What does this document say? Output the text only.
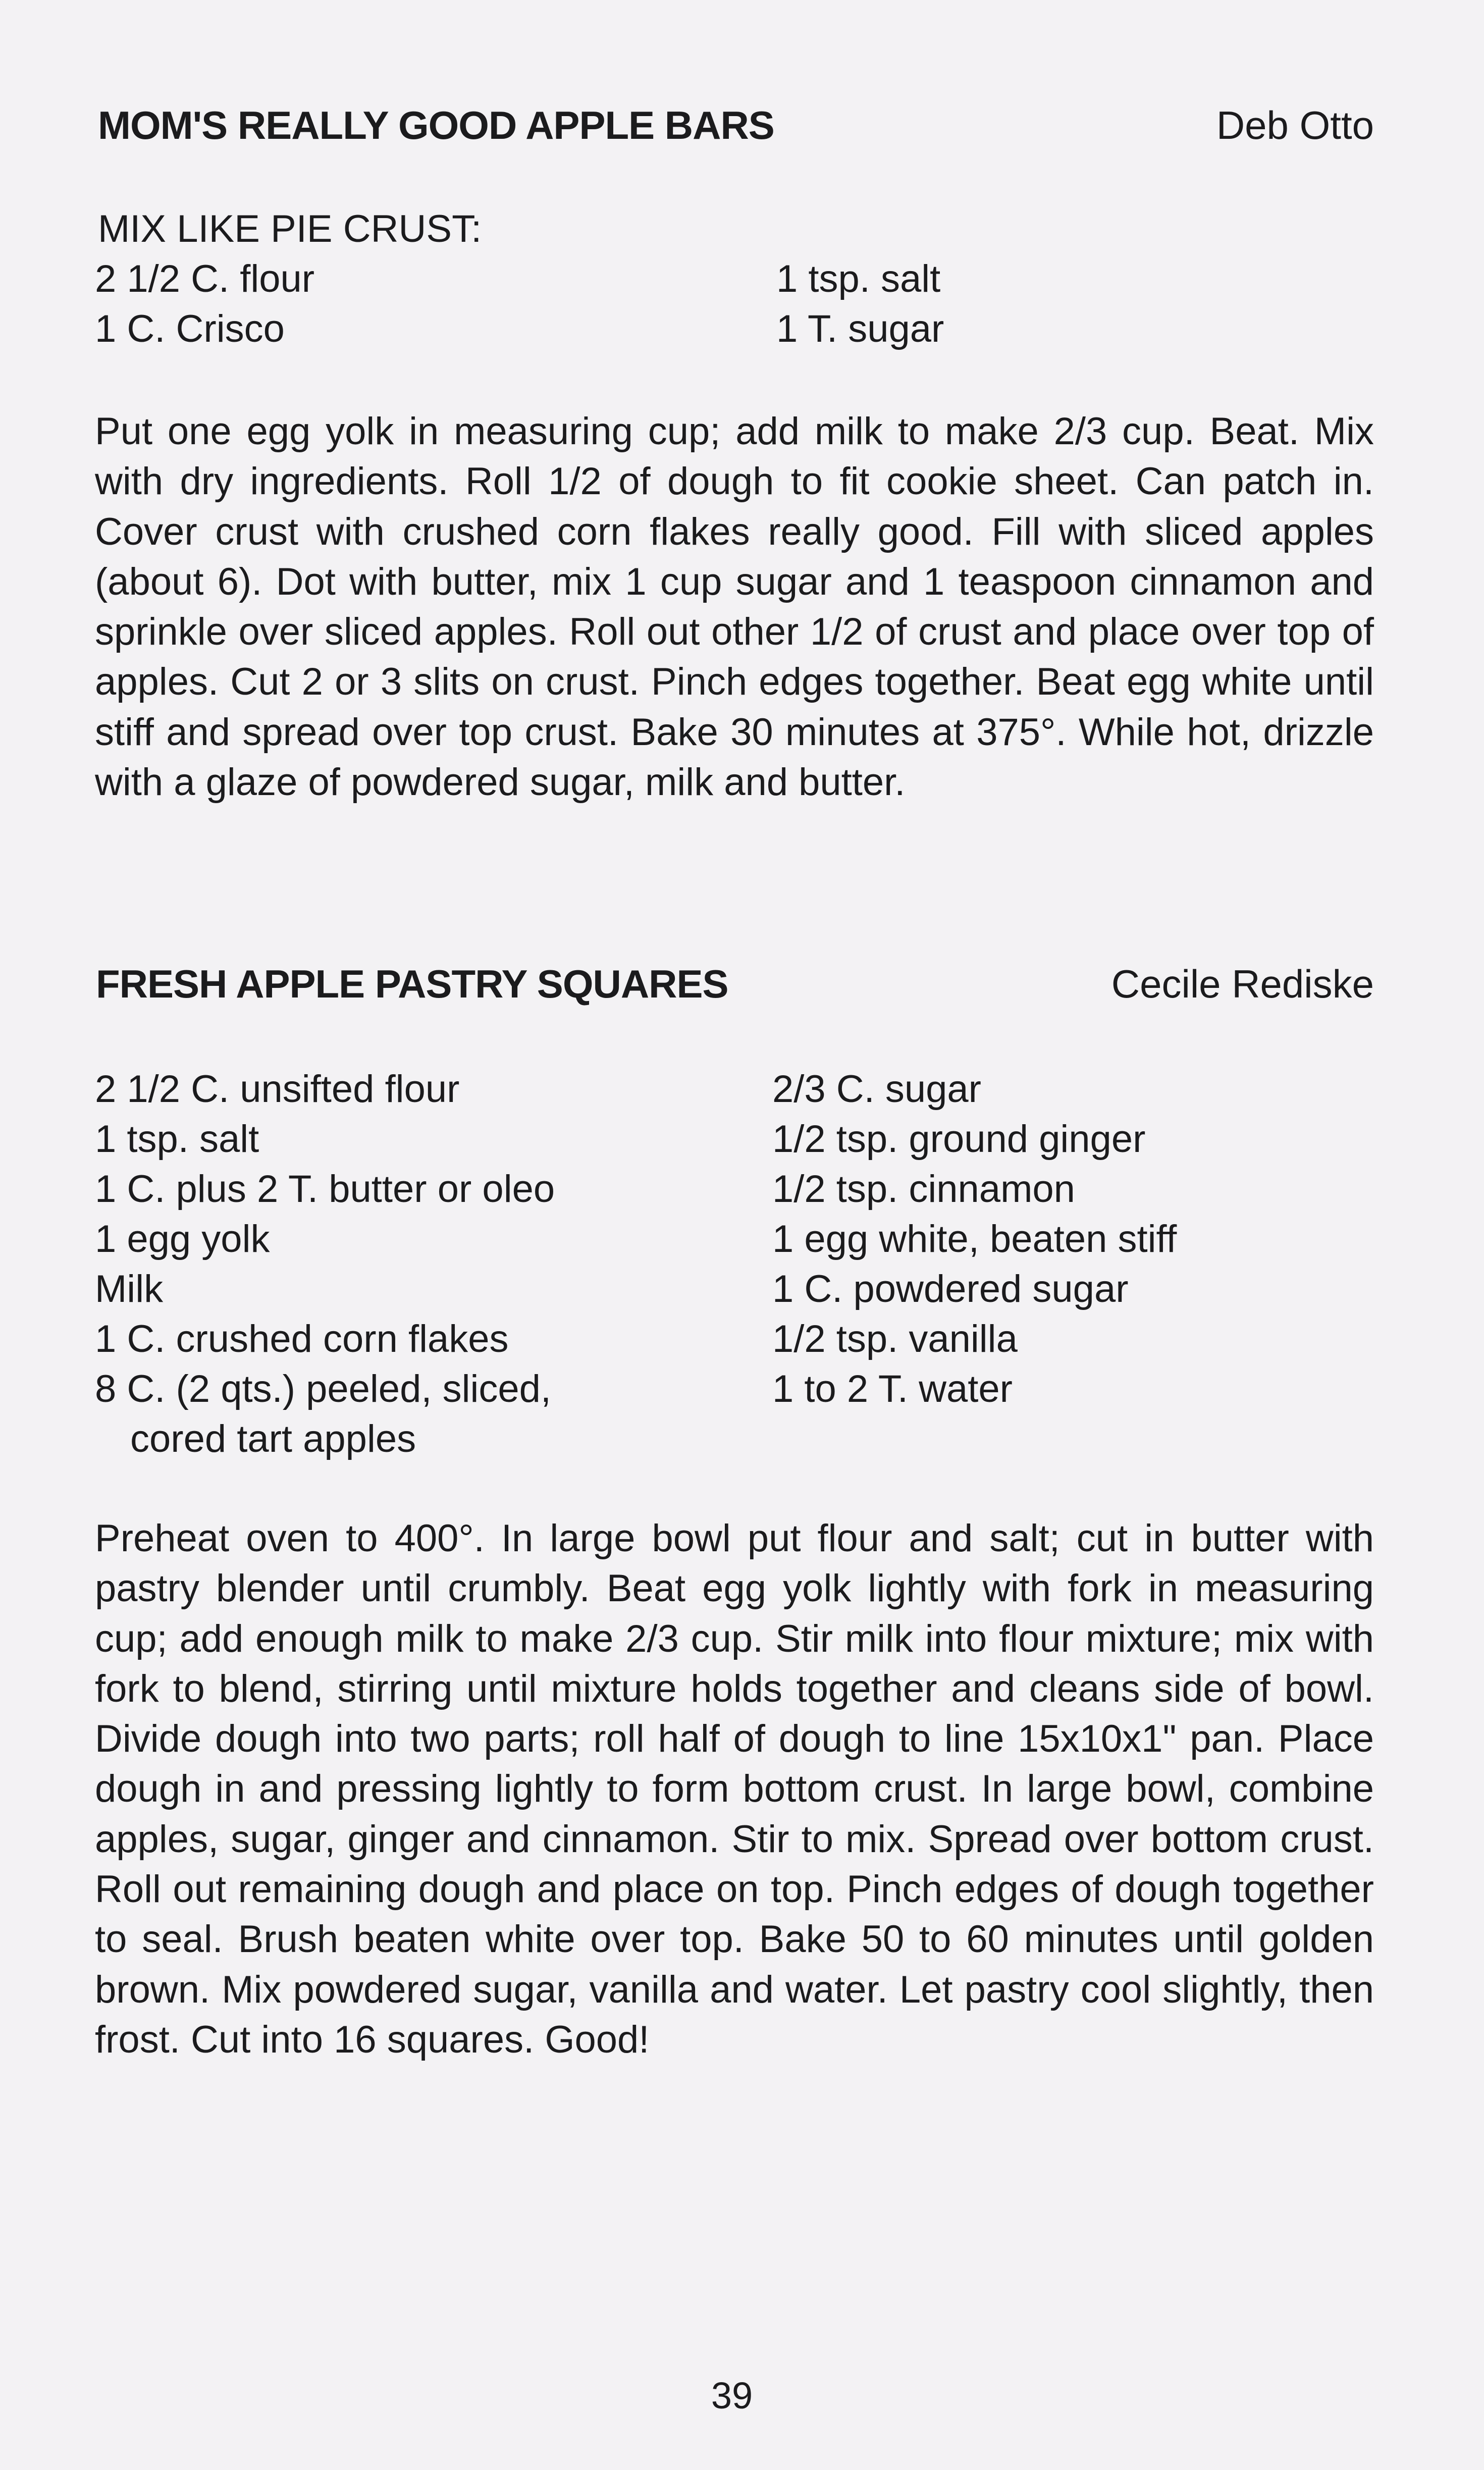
MOM'S REALLY GOOD APPLE BARS	Deb Otto
MIX LIKE PIE CRUST:
2 1/2 C. flour
1 C. Crisco
1 tsp. salt
1 T. sugar

Put one egg yolk in measuring cup; add milk to make 2/3 cup. Beat. Mix with dry ingredients. Roll 1/2 of dough to fit cookie sheet. Can patch in. Cover crust with crushed corn flakes really good. Fill with sliced apples (about 6). Dot with butter, mix 1 cup sugar and 1 teaspoon cinnamon and sprinkle over sliced apples. Roll out other 1/2 of crust and place over top of apples. Cut 2 or 3 slits on crust. Pinch edges together. Beat egg white until stiff and spread over top crust. Bake 30 minutes at 375°. While hot, drizzle with a glaze of powdered sugar, milk and butter.

FRESH APPLE PASTRY SQUARES	Cecile Rediske
2 1/2 C. unsifted flour
1 tsp. salt
1 C. plus 2 T. butter or oleo
1 egg yolk
Milk
1 C. crushed corn flakes
8 C. (2 qts.) peeled, sliced,
cored tart apples
2/3 C. sugar
1/2 tsp. ground ginger
1/2 tsp. cinnamon
1 egg white, beaten stiff
1 C. powdered sugar
1/2 tsp. vanilla
1 to 2 T. water

Preheat oven to 400°. In large bowl put flour and salt; cut in butter with pastry blender until crumbly. Beat egg yolk lightly with fork in measuring cup; add enough milk to make 2/3 cup. Stir milk into flour mixture; mix with fork to blend, stirring until mixture holds together and cleans side of bowl. Divide dough into two parts; roll half of dough to line 15x10x1" pan. Place dough in and pressing lightly to form bottom crust. In large bowl, combine apples, sugar, ginger and cinnamon. Stir to mix. Spread over bottom crust. Roll out remaining dough and place on top. Pinch edges of dough together to seal. Brush beaten white over top. Bake 50 to 60 minutes until golden brown. Mix powdered sugar, vanilla and water. Let pastry cool slightly, then frost. Cut into 16 squares. Good!

39
